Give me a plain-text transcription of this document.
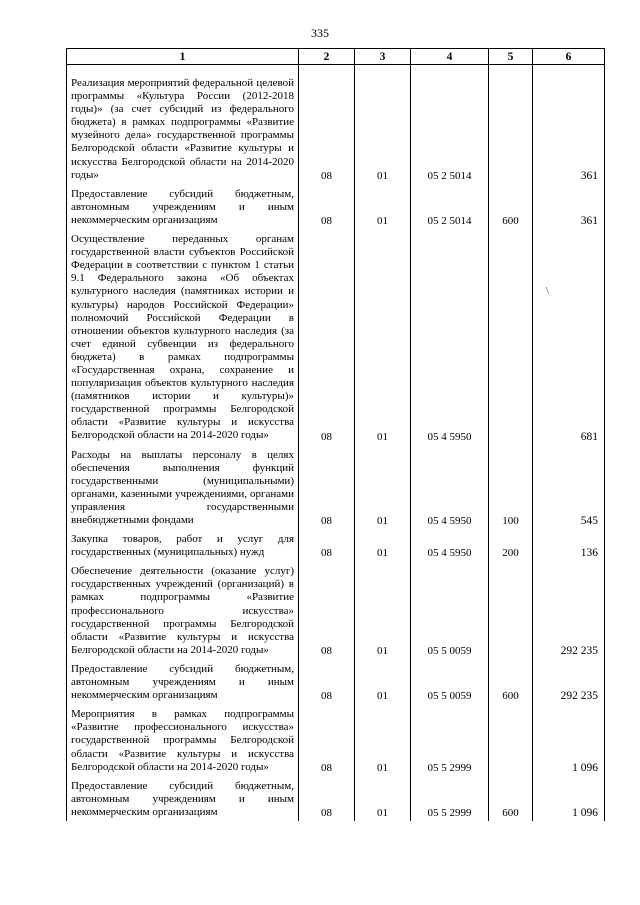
335
1	2	3	4	5	6
Реализация мероприятий федеральной целевой программы «Культура России (2012-2018 годы)» (за счет субсидий из федерального бюджета) в рамках подпрограммы «Развитие музейного дела» государственной программы Белгородской области «Развитие культуры и искусства Белгородской области на 2014-2020 годы»	08	01	05 2 5014		361
Предоставление субсидий бюджетным, автономным учреждениям и иным некоммерческим организациям	08	01	05 2 5014	600	361
Осуществление переданных органам государственной власти субъектов Российской Федерации в соответствии с пунктом 1 статьи 9.1 Федерального закона «Об объектах культурного наследия (памятниках истории и культуры) народов Российской Федерации» полномочий Российской Федерации в отношении объектов культурного наследия (за счет единой субвенции из федерального бюджета) в рамках подпрограммы «Государственная охрана, сохранение и популяризация объектов культурного наследия (памятников истории и культуры)» государственной программы Белгородской области «Развитие культуры и искусства Белгородской области на 2014-2020 годы»	08	01	05 4 5950		681
Расходы на выплаты персоналу в целях обеспечения выполнения функций государственными (муниципальными) органами, казенными учреждениями, органами управления государственными внебюджетными фондами	08	01	05 4 5950	100	545
Закупка товаров, работ и услуг для государственных (муниципальных) нужд	08	01	05 4 5950	200	136
Обеспечение деятельности (оказание услуг) государственных учреждений (организаций) в рамках подпрограммы «Развитие профессионального искусства» государственной программы Белгородской области «Развитие культуры и искусства Белгородской области на 2014-2020 годы»	08	01	05 5 0059		292 235
Предоставление субсидий бюджетным, автономным учреждениям и иным некоммерческим организациям	08	01	05 5 0059	600	292 235
Мероприятия в рамках подпрограммы «Развитие профессионального искусства» государственной программы Белгородской области «Развитие культуры и искусства Белгородской области на 2014-2020 годы»	08	01	05 5 2999		1 096
Предоставление субсидий бюджетным, автономным учреждениям и иным некоммерческим организациям	08	01	05 5 2999	600	1 096
\
